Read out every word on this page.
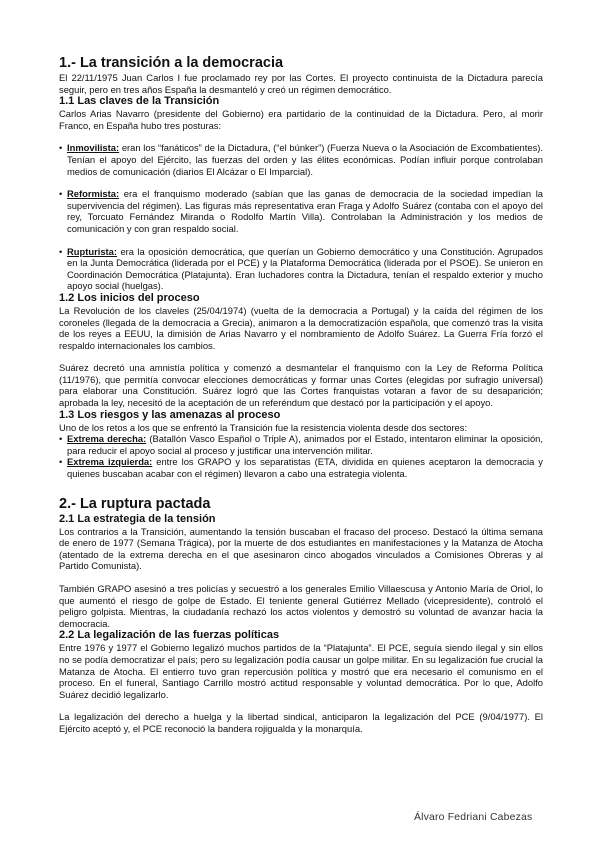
1.- La transición a la democracia

El 22/11/1975 Juan Carlos I fue proclamado rey por las Cortes. El proyecto continuista de la Dictadura parecía seguir, pero en tres años España la desmanteló y creó un régimen democrático.

1.1 Las claves de la Transición

Carlos Arias Navarro (presidente del Gobierno) era partidario de la continuidad de la Dictadura. Pero, al morir Franco, en España hubo tres posturas:

• Inmovilista: eran los “fanáticos” de la Dictadura, (“el búnker”) (Fuerza Nueva o la Asociación de Excombatientes). Tenían el apoyo del Ejército, las fuerzas del orden y las élites económicas. Podían influir porque controlaban medios de comunicación (diarios El Alcázar o El Imparcial).
• Reformista: era el franquismo moderado (sabían que las ganas de democracia de la sociedad impedían la supervivencia del régimen). Las figuras más representativa eran Fraga y Adolfo Suárez (contaba con el apoyo del rey, Torcuato Fernández Miranda o Rodolfo Martín Villa). Controlaban la Administración y los medios de comunicación y con gran respaldo social.
• Rupturista: era la oposición democrática, que querían un Gobierno democrático y una Constitución. Agrupados en la Junta Democrática (liderada por el PCE) y la Plataforma Democrática (liderada por el PSOE). Se unieron en Coordinación Democrática (Platajunta). Eran luchadores contra la Dictadura, tenían el respaldo exterior y mucho apoyo social (huelgas).
1.2 Los inicios del proceso

La Revolución de los claveles (25/04/1974) (vuelta de la democracia a Portugal) y la caída del régimen de los coroneles (llegada de la democracia a Grecia), animaron a la democratización española, que comenzó tras la visita de los reyes a EEUU, la dimisión de Arias Navarro y el nombramiento de Adolfo Suárez. La Guerra Fría forzó el respaldo internacionales los cambios.

Suárez decretó una amnistía política y comenzó a desmantelar el franquismo con la Ley de Reforma Política (11/1976), que permitía convocar elecciones democráticas y formar unas Cortes (elegidas por sufragio universal) para elaborar una Constitución. Suárez logró que las Cortes franquistas votaran a favor de su desaparición; aprobada la ley, necesitó de la aceptación de un referéndum que destacó por la participación y el apoyo.

1.3 Los riesgos y las amenazas al proceso

Uno de los retos a los que se enfrentó la Transición fue la resistencia violenta desde dos sectores:

• Extrema derecha: (Batallón Vasco Español o Triple A), animados por el Estado, intentaron eliminar la oposición, para reducir el apoyo social al proceso y justificar una intervención militar.
• Extrema izquierda: entre los GRAPO y los separatistas (ETA, dividida en quienes aceptaron la democracia y quienes buscaban acabar con el régimen) llevaron a cabo una estrategia violenta.
2.- La ruptura pactada
2.1 La estrategia de la tensión

Los contrarios a la Transición, aumentando la tensión buscaban el fracaso del proceso. Destacó la última semana de enero de 1977 (Semana Trágica), por la muerte de dos estudiantes en manifestaciones y la Matanza de Atocha (atentado de la extrema derecha en el que asesinaron cinco abogados vinculados a Comisiones Obreras y al Partido Comunista).

También GRAPO asesinó a tres policías y secuestró a los generales Emilio Villaescusa y Antonio María de Oriol, lo que aumentó el riesgo de golpe de Estado. El teniente general Gutiérrez Mellado (vicepresidente), controló el peligro golpista. Mientras, la ciudadanía rechazó los actos violentos y demostró su voluntad de avanzar hacia la democracia.

2.2 La legalización de las fuerzas políticas

Entre 1976 y 1977 el Gobierno legalizó muchos partidos de la “Platajunta”. El PCE, seguía siendo ilegal y sin ellos no se podía democratizar el país; pero su legalización podía causar un golpe militar. En su legalización fue crucial la Matanza de Atocha. El entierro tuvo gran repercusión política y mostró que era necesario el comunismo en el proceso. En el funeral, Santiago Carrillo mostró actitud responsable y voluntad democrática. Por lo que, Adolfo Suárez decidió legalizarlo.

La legalización del derecho a huelga y la libertad sindical, anticiparon la legalización del PCE (9/04/1977). El Ejército aceptó y, el PCE reconoció la bandera rojigualda y la monarquía.

Álvaro Fedriani Cabezas
